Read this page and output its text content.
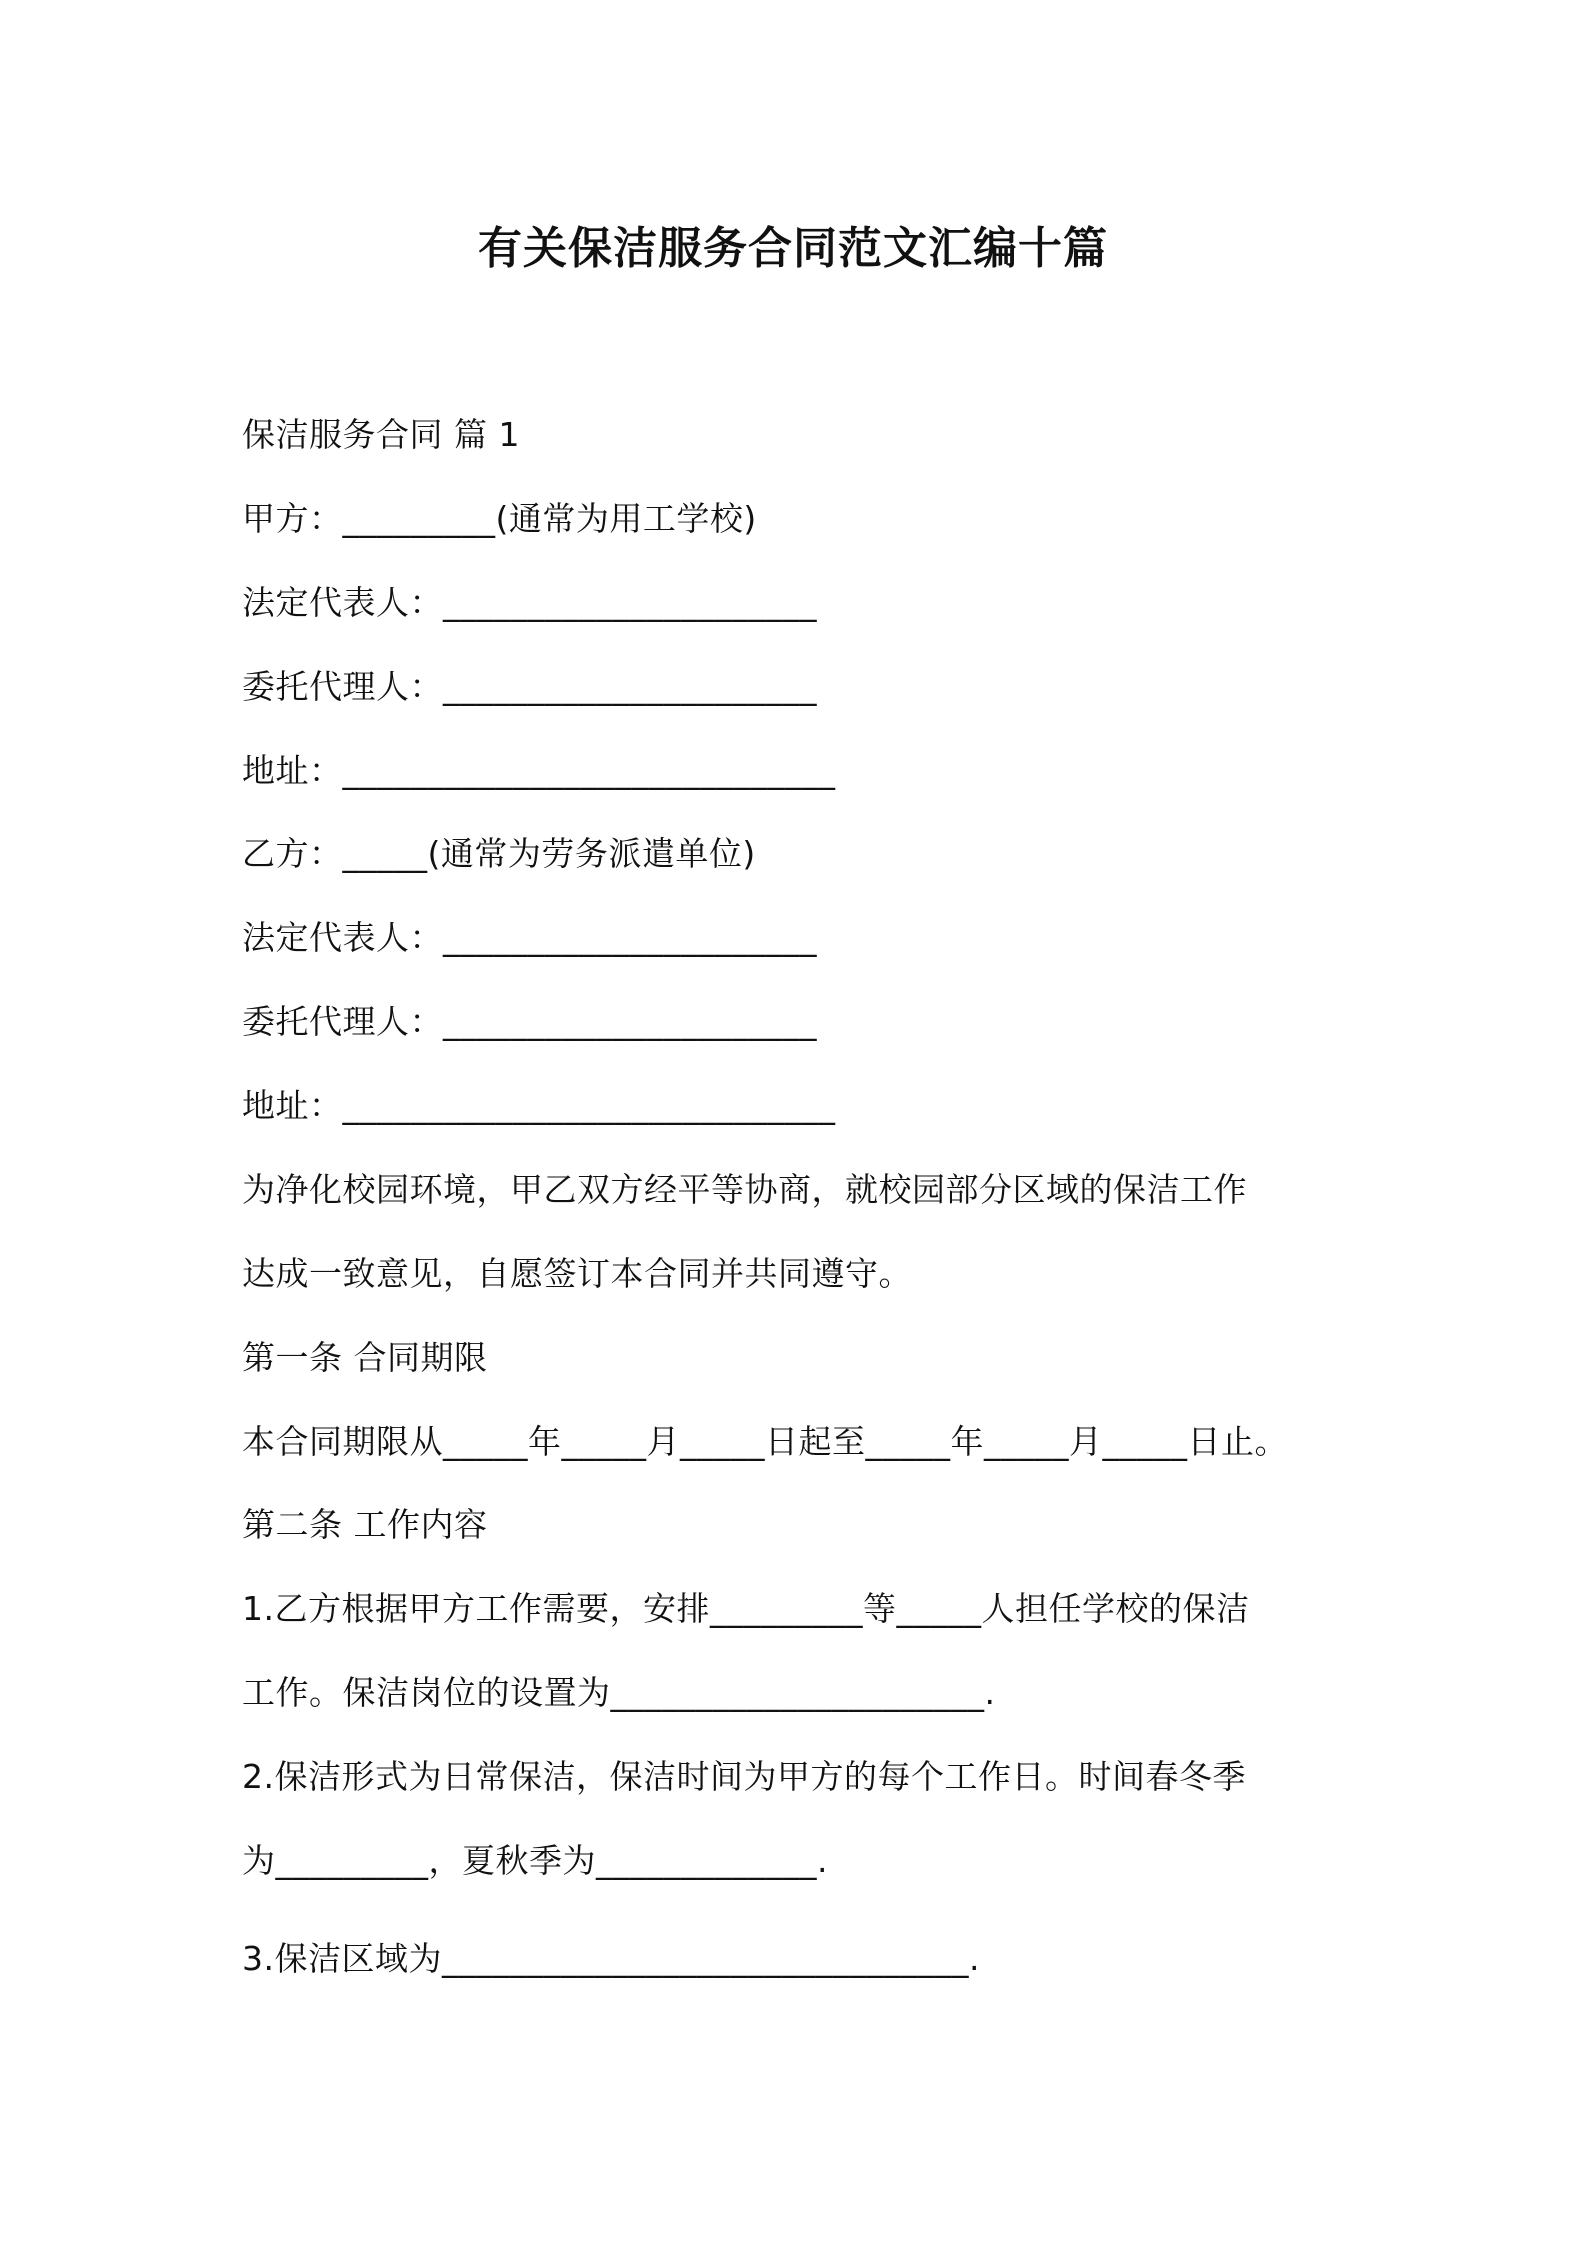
有关保洁服务合同范文汇编十篇
保洁服务合同 篇 1
甲方：_________(通常为用工学校)
法定代表人：______________________
委托代理人：______________________
地址：_____________________________
乙方：_____(通常为劳务派遣单位)
法定代表人：______________________
委托代理人：______________________
地址：_____________________________
为净化校园环境，甲乙双方经平等协商，就校园部分区域的保洁工作
达成一致意见，自愿签订本合同并共同遵守。
第一条 合同期限
本合同期限从_____年_____月_____日起至_____年_____月_____日止。
第二条 工作内容
1.乙方根据甲方工作需要，安排_________等_____人担任学校的保洁
工作。保洁岗位的设置为______________________.
2.保洁形式为日常保洁，保洁时间为甲方的每个工作日。时间春冬季
为_________，夏秋季为_____________.
3.保洁区域为_______________________________.
